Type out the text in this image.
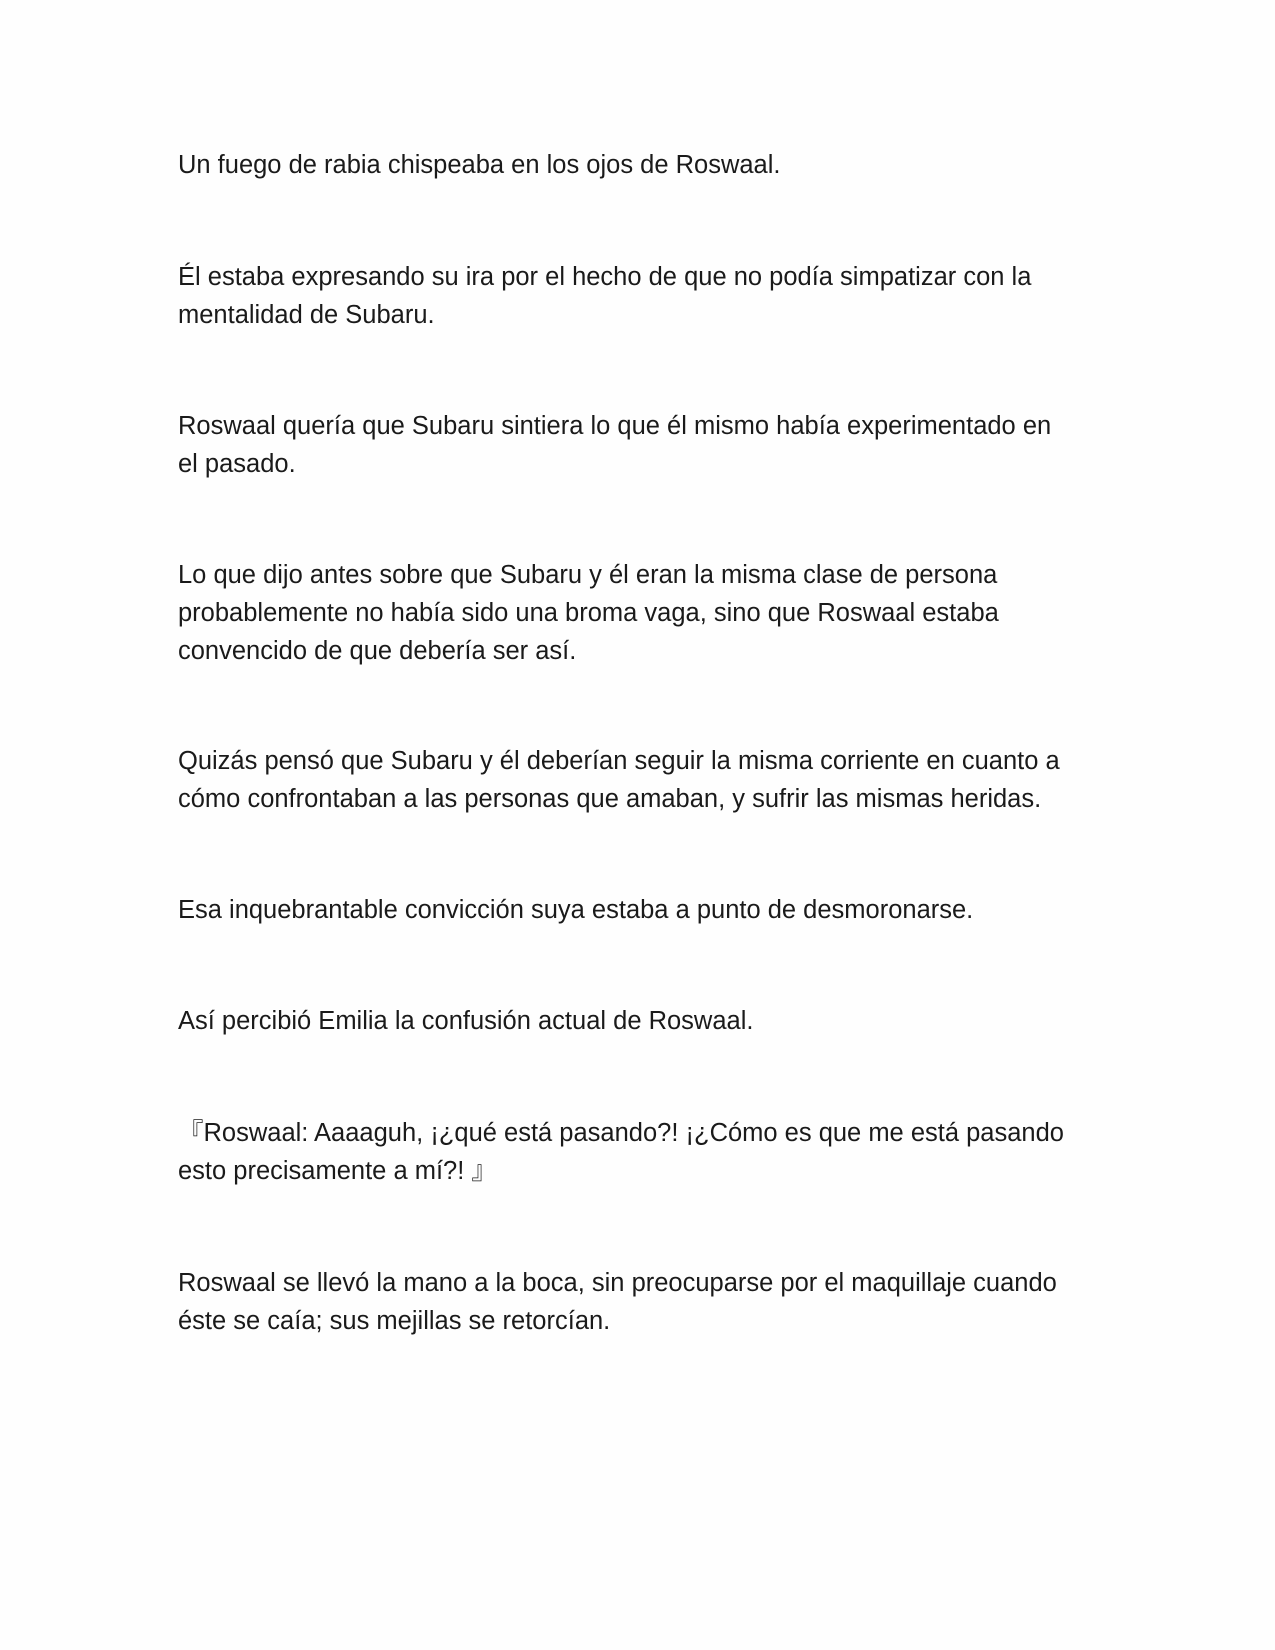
Un fuego de rabia chispeaba en los ojos de Roswaal.

Él estaba expresando su ira por el hecho de que no podía simpatizar con la
mentalidad de Subaru.

Roswaal quería que Subaru sintiera lo que él mismo había experimentado en
el pasado.

Lo que dijo antes sobre que Subaru y él eran la misma clase de persona
probablemente no había sido una broma vaga, sino que Roswaal estaba
convencido de que debería ser así.

Quizás pensó que Subaru y él deberían seguir la misma corriente en cuanto a
cómo confrontaban a las personas que amaban, y sufrir las mismas heridas.

Esa inquebrantable convicción suya estaba a punto de desmoronarse.

Así percibió Emilia la confusión actual de Roswaal.

『Roswaal: Aaaaguh, ¡¿qué está pasando?! ¡¿Cómo es que me está pasando
esto precisamente a mí?! 』

Roswaal se llevó la mano a la boca, sin preocuparse por el maquillaje cuando
éste se caía; sus mejillas se retorcían.
